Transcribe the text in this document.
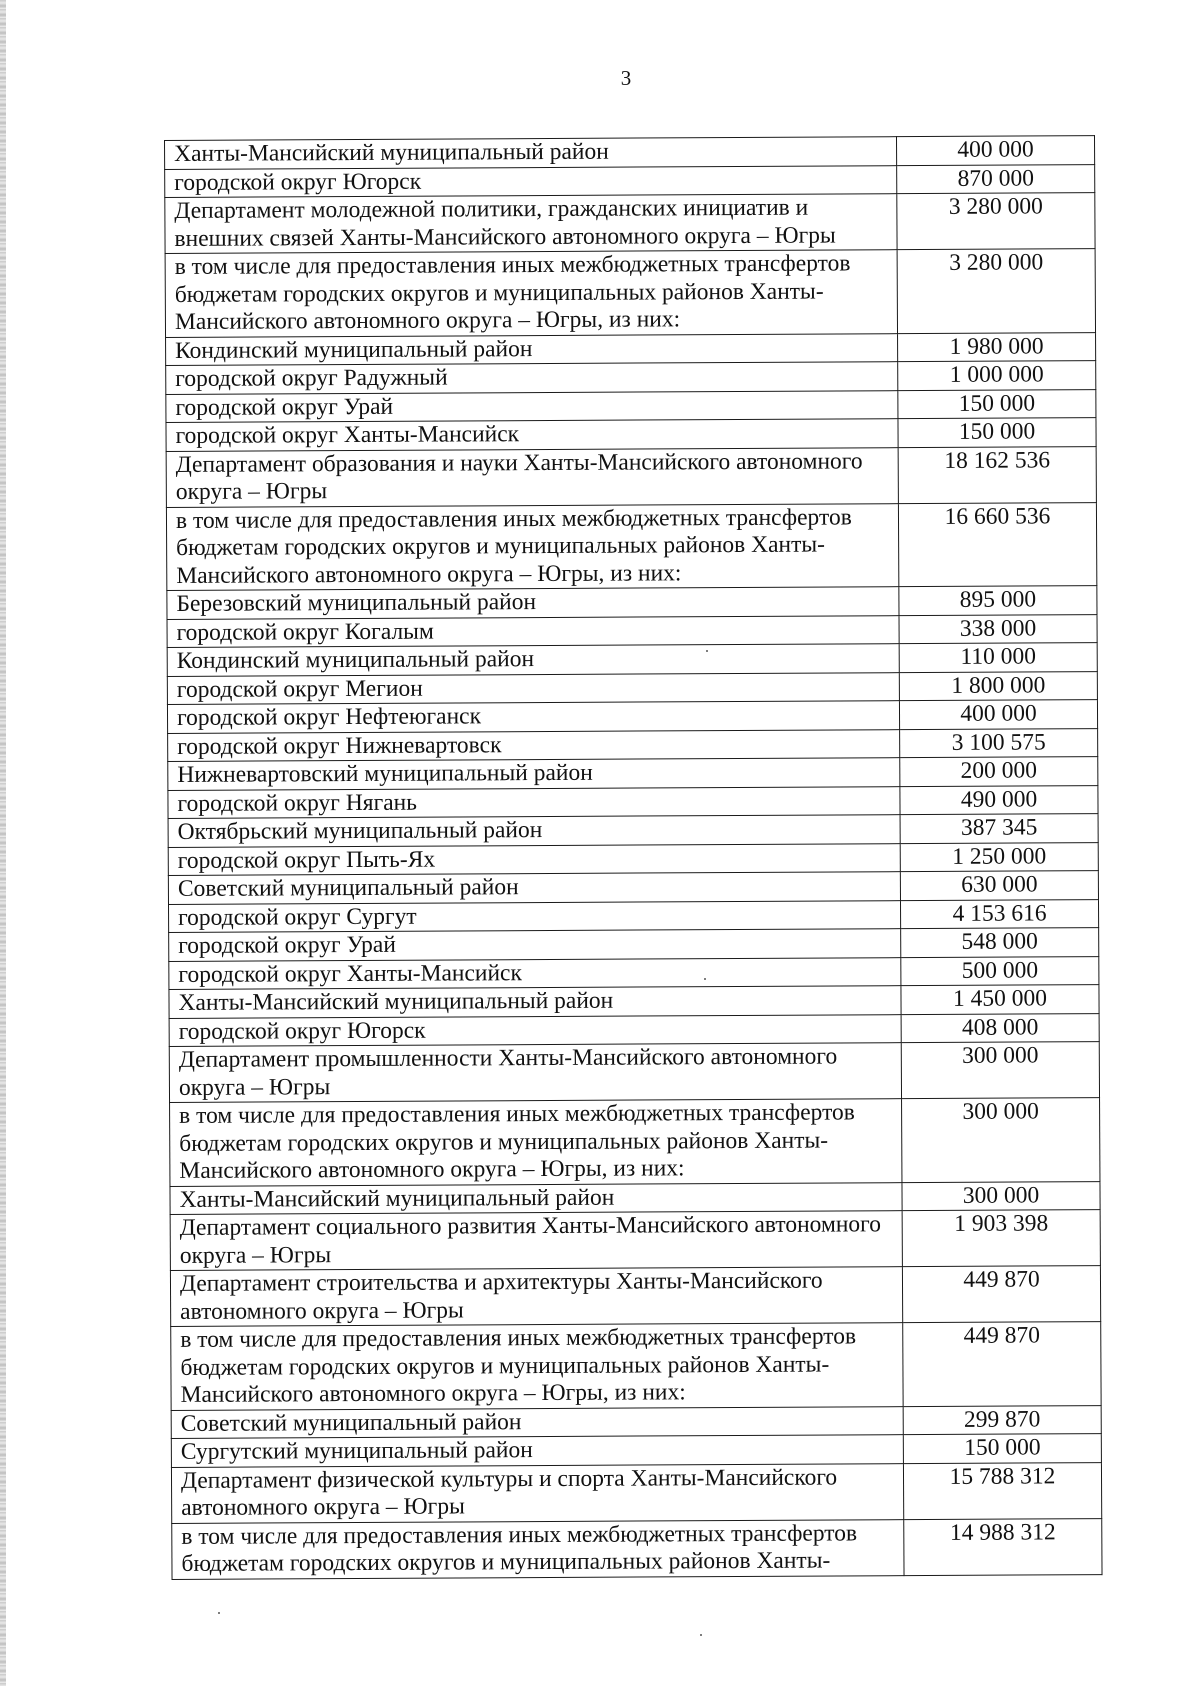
3
Ханты-Мансийский муниципальный район	400 000
городской округ Югорск	870 000
Департамент молодежной политики, гражданских инициатив и внешних связей Ханты-Мансийского автономного округа – Югры	3 280 000
в том числе для предоставления иных межбюджетных трансфертов бюджетам городских округов и муниципальных районов Ханты-Мансийского автономного округа – Югры, из них:	3 280 000
Кондинский муниципальный район	1 980 000
городской округ Радужный	1 000 000
городской округ Урай	150 000
городской округ Ханты-Мансийск	150 000
Департамент образования и науки Ханты-Мансийского автономного округа – Югры	18 162 536
в том числе для предоставления иных межбюджетных трансфертов бюджетам городских округов и муниципальных районов Ханты-Мансийского автономного округа – Югры, из них:	16 660 536
Березовский муниципальный район	895 000
городской округ Когалым	338 000
Кондинский муниципальный район	110 000
городской округ Мегион	1 800 000
городской округ Нефтеюганск	400 000
городской округ Нижневартовск	3 100 575
Нижневартовский муниципальный район	200 000
городской округ Нягань	490 000
Октябрьский муниципальный район	387 345
городской округ Пыть-Ях	1 250 000
Советский муниципальный район	630 000
городской округ Сургут	4 153 616
городской округ Урай	548 000
городской округ Ханты-Мансийск	500 000
Ханты-Мансийский муниципальный район	1 450 000
городской округ Югорск	408 000
Департамент промышленности Ханты-Мансийского автономного округа – Югры	300 000
в том числе для предоставления иных межбюджетных трансфертов бюджетам городских округов и муниципальных районов Ханты-Мансийского автономного округа – Югры, из них:	300 000
Ханты-Мансийский муниципальный район	300 000
Департамент социального развития Ханты-Мансийского автономного округа – Югры	1 903 398
Департамент строительства и архитектуры Ханты-Мансийского автономного округа – Югры	449 870
в том числе для предоставления иных межбюджетных трансфертов бюджетам городских округов и муниципальных районов Ханты-Мансийского автономного округа – Югры, из них:	449 870
Советский муниципальный район	299 870
Сургутский муниципальный район	150 000
Департамент физической культуры и спорта Ханты-Мансийского автономного округа – Югры	15 788 312
в том числе для предоставления иных межбюджетных трансфертов бюджетам городских округов и муниципальных районов Ханты-	14 988 312
